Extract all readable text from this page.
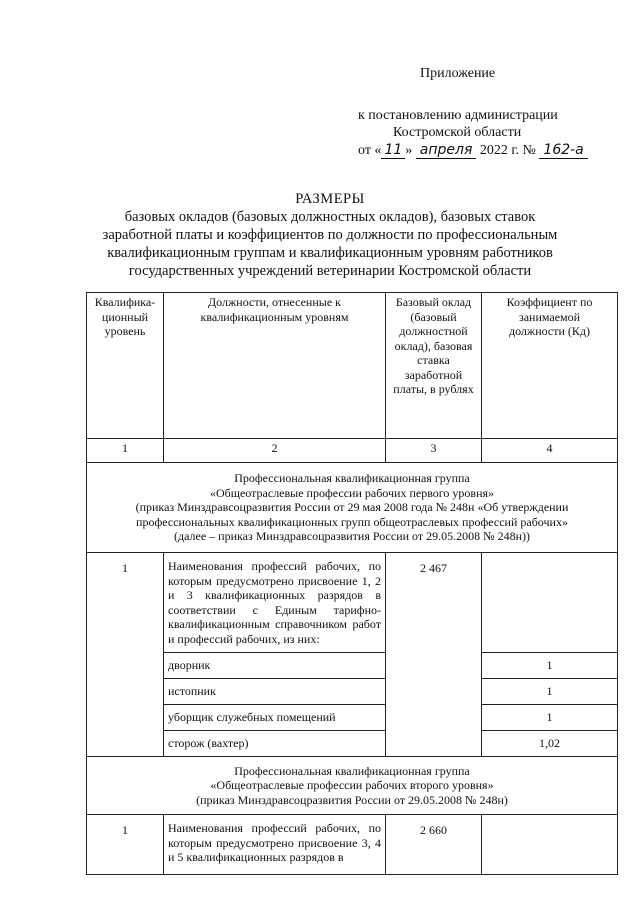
Приложение
к постановлению администрации
Костромской области
от « 11 » апреля 2022 г. № 162-а
РАЗМЕРЫ
базовых окладов (базовых должностных окладов), базовых ставок
заработной платы и коэффициентов по должности по профессиональным
квалификационным группам и квалификационным уровням работников
государственных учреждений ветеринарии Костромской области
Квалифика-ционный уровень	Должности, отнесенные к квалификационным уровням	Базовый оклад (базовый должностной оклад), базовая ставка заработной платы, в рублях	Коэффициент по занимаемой должности (Кд)
1	2	3	4

Профессиональная квалификационная группа
«Общеотраслевые профессии рабочих первого уровня»
(приказ Минздравсоцразвития России от 29 мая 2008 года № 248н «Об утверждении профессиональных квалификационных групп общеотраслевых профессий рабочих»
(далее – приказ Минздравсоцразвития России от 29.05.2008 № 248н))			

1	Наименования профессий рабочих, по которым предусмотрено присвоение 1, 2 и 3 квалификационных разрядов в соответствии с Единым тарифно-квалификационным справочником работ и профессий рабочих, из них:	2 467	
	дворник		1
	истопник		1
	уборщик служебных помещений		1
	сторож (вахтер)		1,02

Профессиональная квалификационная группа
«Общеотраслевые профессии рабочих второго уровня»
(приказ Минздравсоцразвития России от 29.05.2008 № 248н)			

1	Наименования профессий рабочих, по которым предусмотрено присвоение 3, 4 и 5 квалификационных разрядов в	2 660	
